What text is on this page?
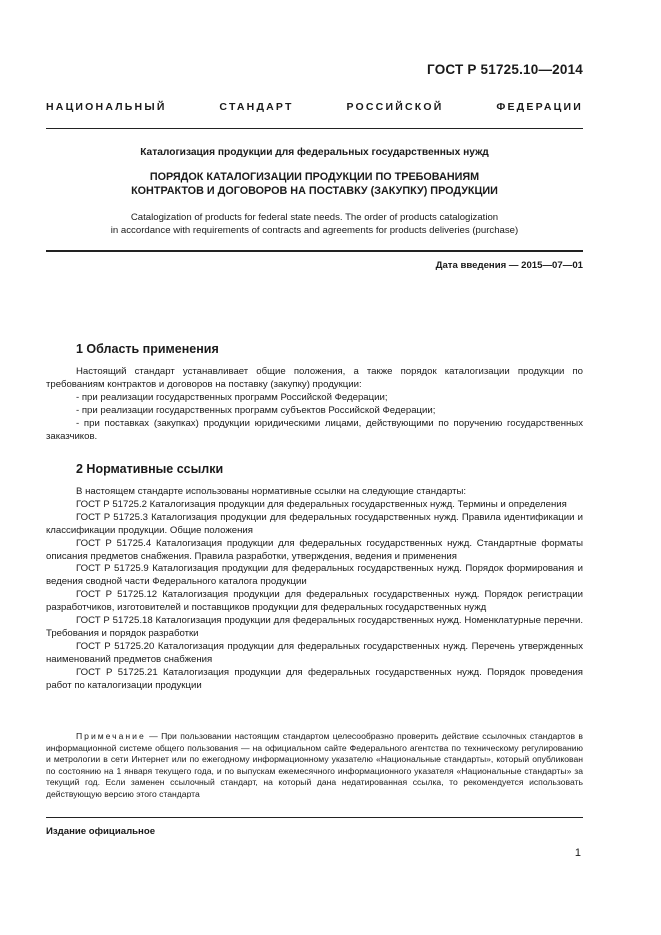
ГОСТ Р 51725.10—2014
НАЦИОНАЛЬНЫЙ СТАНДАРТ РОССИЙСКОЙ ФЕДЕРАЦИИ
Каталогизация продукции для федеральных государственных нужд
ПОРЯДОК КАТАЛОГИЗАЦИИ ПРОДУКЦИИ ПО ТРЕБОВАНИЯМ
КОНТРАКТОВ И ДОГОВОРОВ НА ПОСТАВКУ (ЗАКУПКУ) ПРОДУКЦИИ
Catalogization of products for federal state needs. The order of products catalogization
in accordance with requirements of contracts and agreements for products deliveries (purchase)
Дата введения — 2015—07—01
1 Область применения

Настоящий стандарт устанавливает общие положения, а также порядок каталогизации продукции по требованиям контрактов и договоров на поставку (закупку) продукции:

- при реализации государственных программ Российской Федерации;

- при реализации государственных программ субъектов Российской Федерации;

- при поставках (закупках) продукции юридическими лицами, действующими по поручению государственных заказчиков.

2 Нормативные ссылки

В настоящем стандарте использованы нормативные ссылки на следующие стандарты:

ГОСТ Р 51725.2 Каталогизация продукции для федеральных государственных нужд. Термины и определения

ГОСТ Р 51725.3 Каталогизация продукции для федеральных государственных нужд. Правила идентификации и классификации продукции. Общие положения

ГОСТ Р 51725.4 Каталогизация продукции для федеральных государственных нужд. Стандартные форматы описания предметов снабжения. Правила разработки, утверждения, ведения и применения

ГОСТ Р 51725.9 Каталогизация продукции для федеральных государственных нужд. Порядок формирования и ведения сводной части Федерального каталога продукции

ГОСТ Р 51725.12 Каталогизация продукции для федеральных государственных нужд. Порядок регистрации разработчиков, изготовителей и поставщиков продукции для федеральных государственных нужд

ГОСТ Р 51725.18 Каталогизация продукции для федеральных государственных нужд. Номенклатурные перечни. Требования и порядок разработки

ГОСТ Р 51725.20 Каталогизация продукции для федеральных государственных нужд. Перечень утвержденных наименований предметов снабжения

ГОСТ Р 51725.21 Каталогизация продукции для федеральных государственных нужд. Порядок проведения работ по каталогизации продукции

Примечание — При пользовании настоящим стандартом целесообразно проверить действие ссылочных стандартов в информационной системе общего пользования — на официальном сайте Федерального агентства по техническому регулированию и метрологии в сети Интернет или по ежегодному информационному указателю «Национальные стандарты», который опубликован по состоянию на 1 января текущего года, и по выпускам ежемесячного информационного указателя «Национальные стандарты» за текущий год. Если заменен ссылочный стандарт, на который дана недатированная ссылка, то рекомендуется использовать действующую версию этого стандарта

Издание официальное
1
